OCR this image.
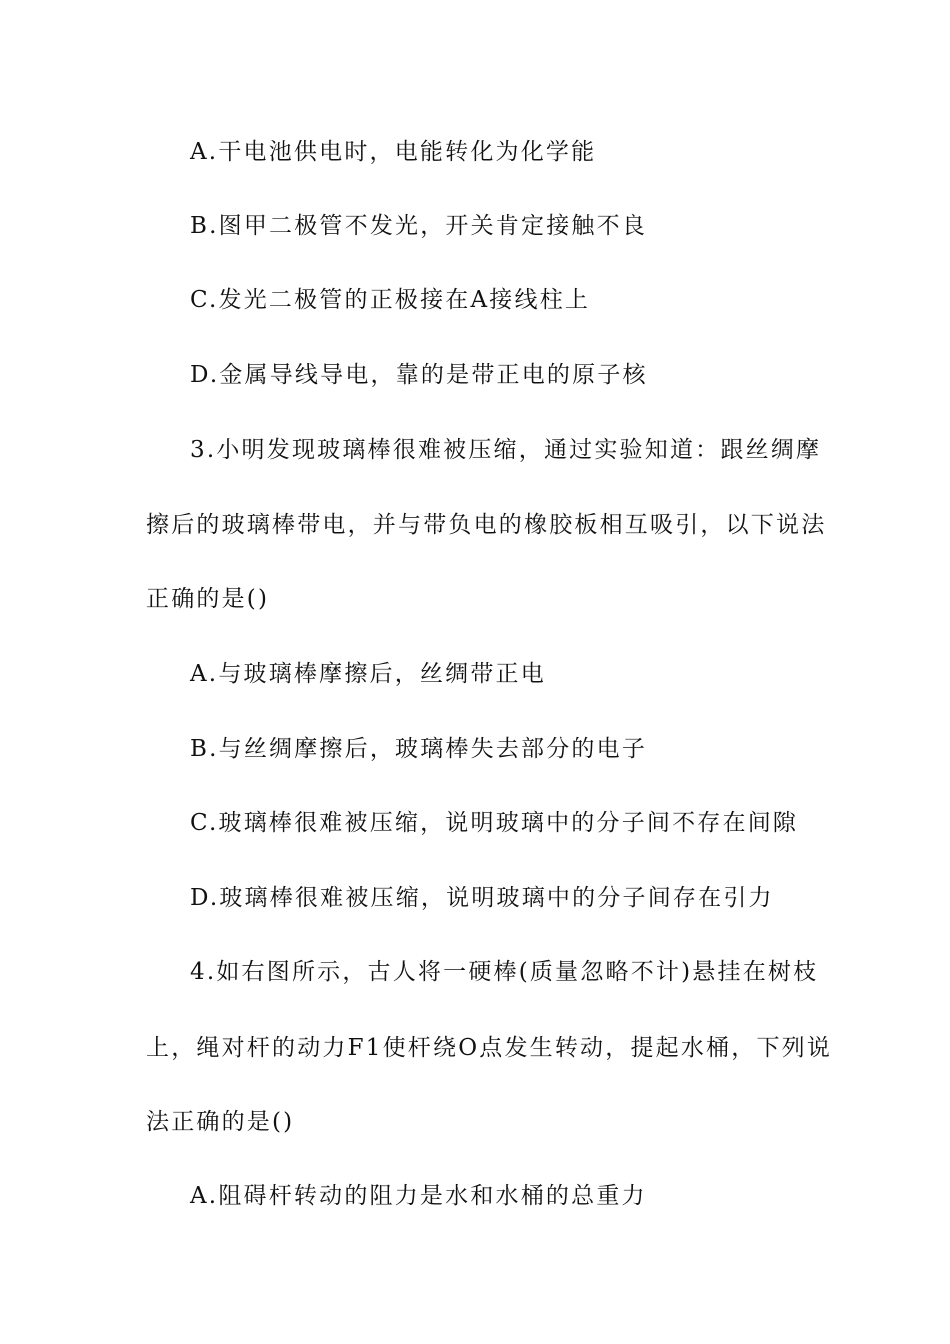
A.干电池供电时，电能转化为化学能
B.图甲二极管不发光，开关肯定接触不良
C.发光二极管的正极接在A接线柱上
D.金属导线导电，靠的是带正电的原子核
3.小明发现玻璃棒很难被压缩，通过实验知道：跟丝绸摩
擦后的玻璃棒带电，并与带负电的橡胶板相互吸引，以下说法
正确的是()
A.与玻璃棒摩擦后，丝绸带正电
B.与丝绸摩擦后，玻璃棒失去部分的电子
C.玻璃棒很难被压缩，说明玻璃中的分子间不存在间隙
D.玻璃棒很难被压缩，说明玻璃中的分子间存在引力
4.如右图所示，古人将一硬棒(质量忽略不计)悬挂在树枝
上，绳对杆的动力F1使杆绕O点发生转动，提起水桶，下列说
法正确的是()
A.阻碍杆转动的阻力是水和水桶的总重力
